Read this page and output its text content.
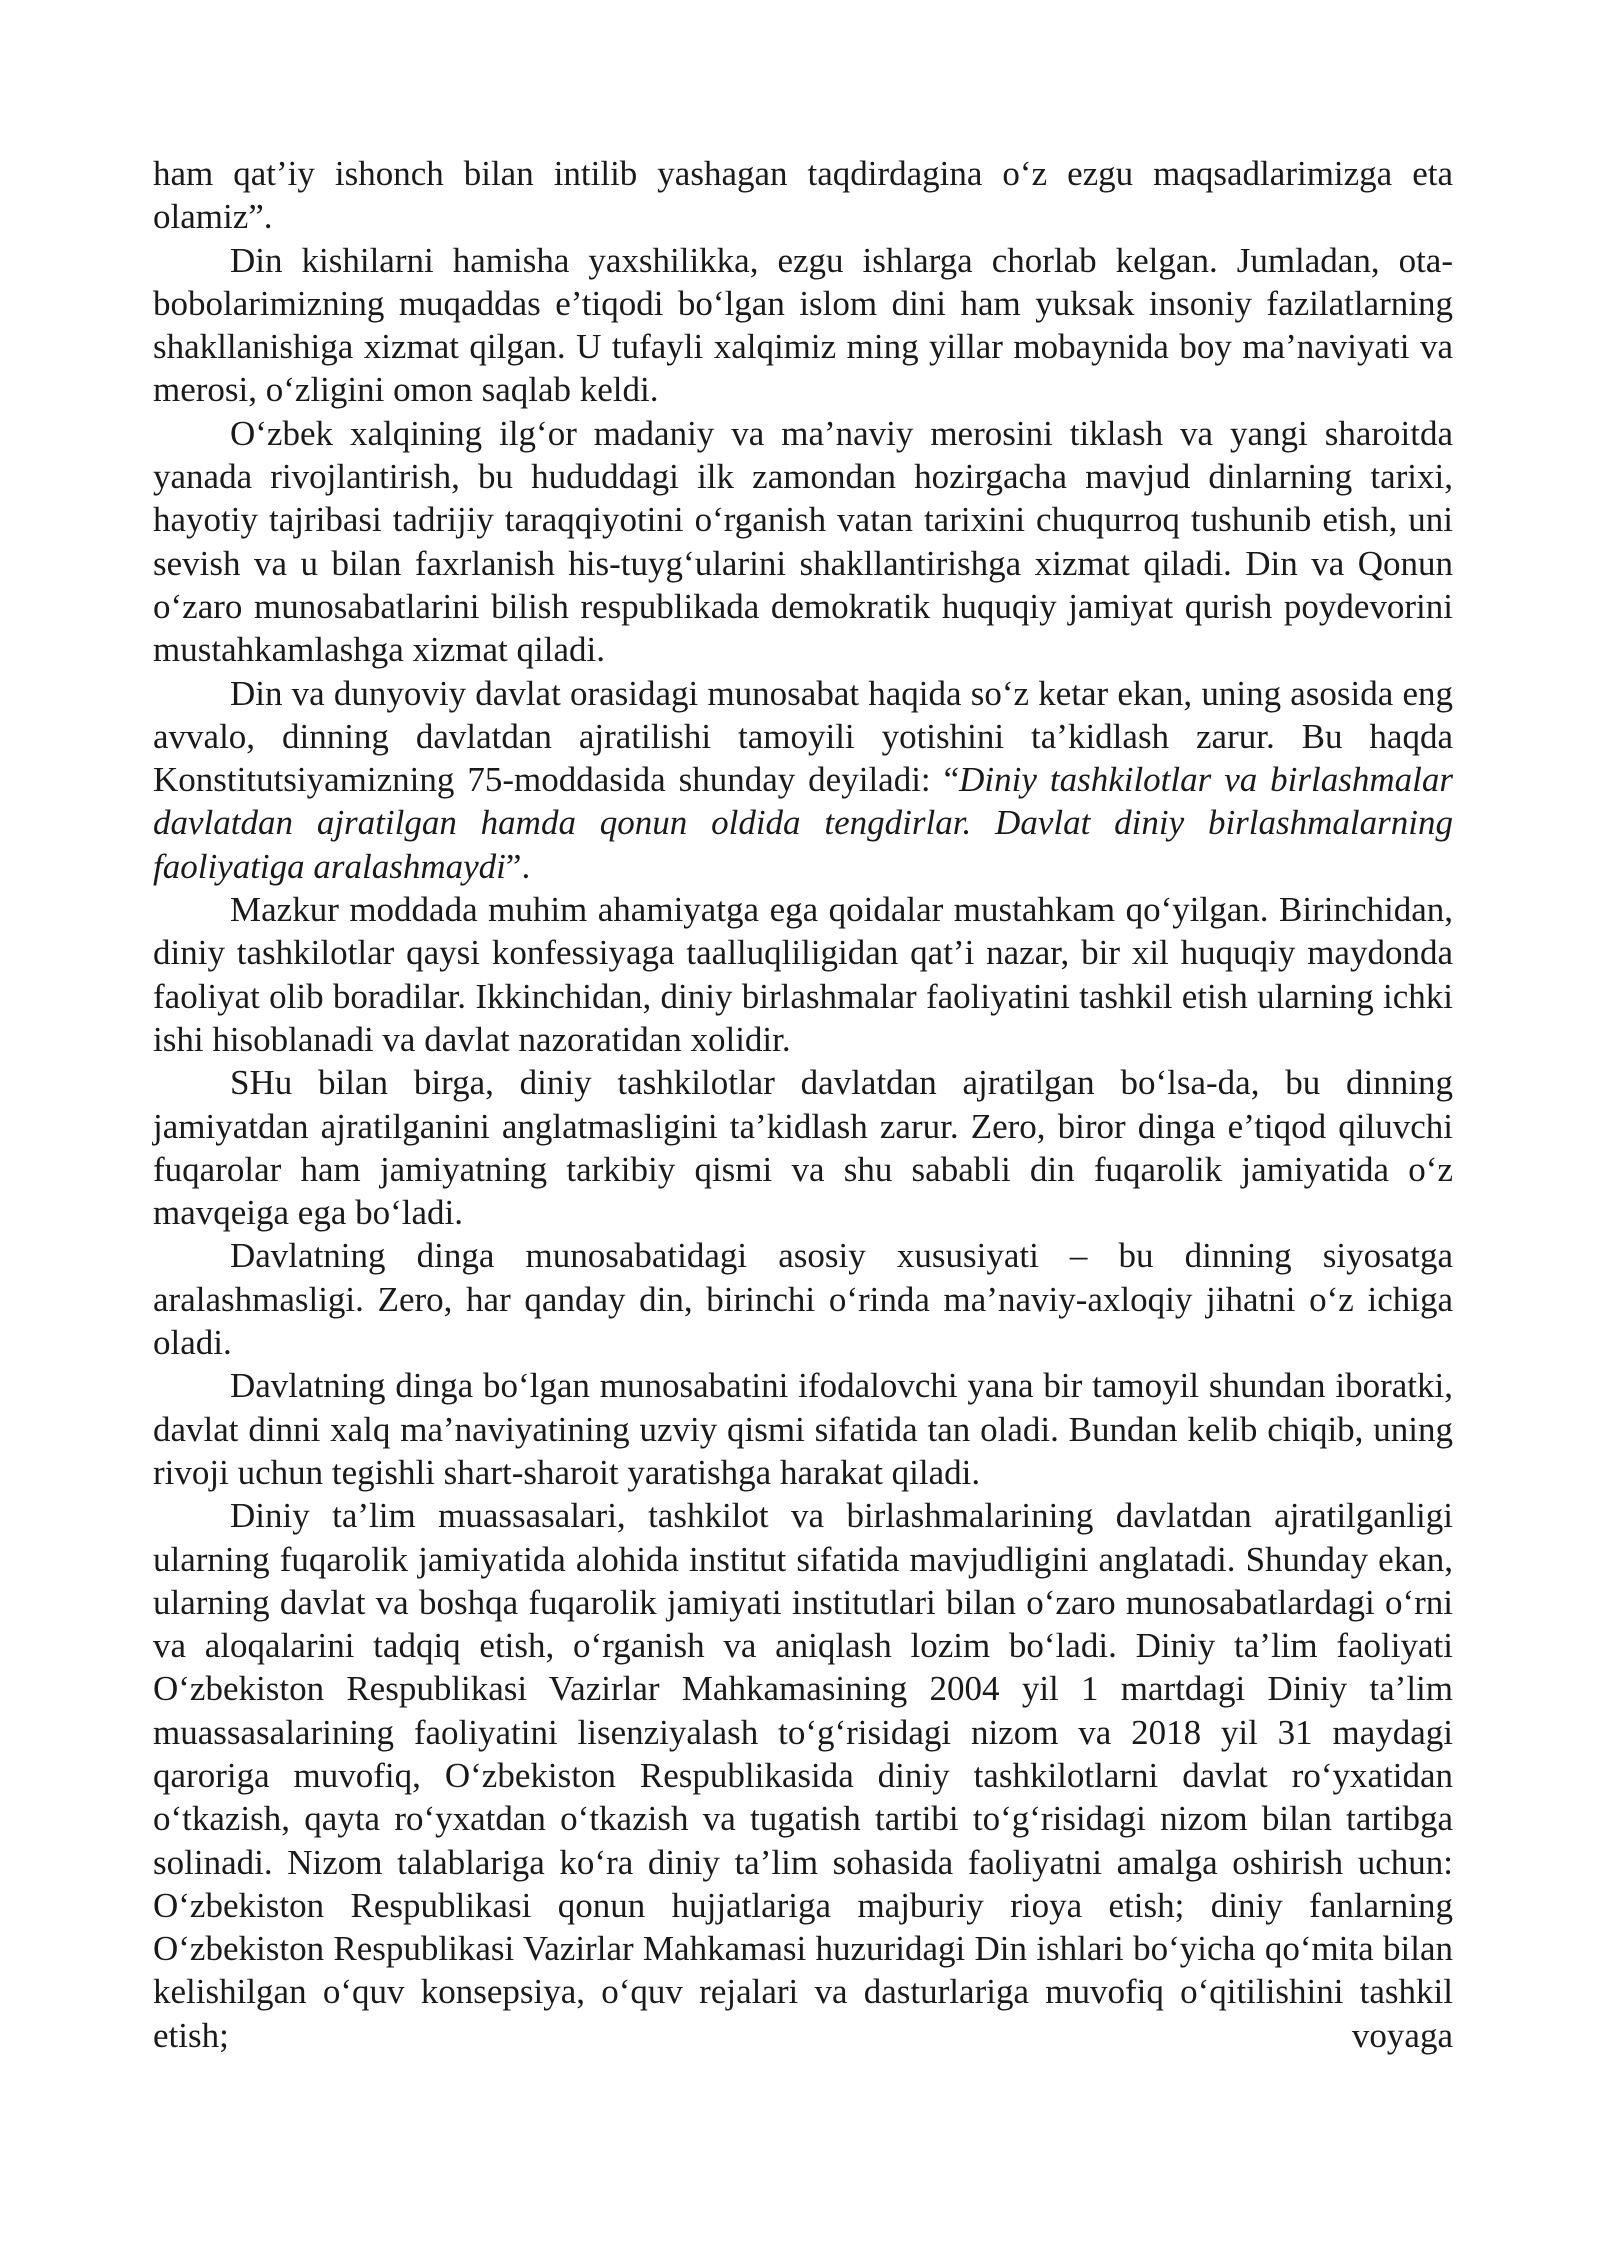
ham qat’iy ishonch bilan intilib yashagan taqdirdagina o‘z ezgu maqsadlarimizga eta olamiz”.

Din kishilarni hamisha yaxshilikka, ezgu ishlarga chorlab kelgan. Jumladan, ota-bobolarimizning muqaddas e’tiqodi bo‘lgan islom dini ham yuksak insoniy fazilatlarning shakllanishiga xizmat qilgan. U tufayli xalqimiz ming yillar mobaynida boy ma’naviyati va merosi, o‘zligini omon saqlab keldi.

O‘zbek xalqining ilg‘or madaniy va ma’naviy merosini tiklash va yangi sharoitda yanada rivojlantirish, bu hududdagi ilk zamondan hozirgacha mavjud dinlarning tarixi, hayotiy tajribasi tadrijiy taraqqiyotini o‘rganish vatan tarixini chuqurroq tushunib etish, uni sevish va u bilan faxrlanish his-tuyg‘ularini shakllantirishga xizmat qiladi. Din va Qonun o‘zaro munosabatlarini bilish respublikada demokratik huquqiy jamiyat qurish poydevorini mustahkamlashga xizmat qiladi.

Din va dunyoviy davlat orasidagi munosabat haqida so‘z ketar ekan, uning asosida eng avvalo, dinning davlatdan ajratilishi tamoyili yotishini ta’kidlash zarur. Bu haqda Konstitutsiyamizning 75-moddasida shunday deyiladi: “Diniy tashkilotlar va birlashmalar davlatdan ajratilgan hamda qonun oldida tengdirlar. Davlat diniy birlashmalarning faoliyatiga aralashmaydi”.

Mazkur moddada muhim ahamiyatga ega qoidalar mustahkam qo‘yilgan. Birinchidan, diniy tashkilotlar qaysi konfessiyaga taalluqliligidan qat’i nazar, bir xil huquqiy maydonda faoliyat olib boradilar. Ikkinchidan, diniy birlashmalar faoliyatini tashkil etish ularning ichki ishi hisoblanadi va davlat nazoratidan xolidir.

SHu bilan birga, diniy tashkilotlar davlatdan ajratilgan bo‘lsa-da, bu dinning jamiyatdan ajratilganini anglatmasligini ta’kidlash zarur. Zero, biror dinga e’tiqod qiluvchi fuqarolar ham jamiyatning tarkibiy qismi va shu sababli din fuqarolik jamiyatida o‘z mavqeiga ega bo‘ladi.

Davlatning dinga munosabatidagi asosiy xususiyati – bu dinning siyosatga aralashmasligi. Zero, har qanday din, birinchi o‘rinda ma’naviy-axloqiy jihatni o‘z ichiga oladi.

Davlatning dinga bo‘lgan munosabatini ifodalovchi yana bir tamoyil shundan iboratki, davlat dinni xalq ma’naviyatining uzviy qismi sifatida tan oladi. Bundan kelib chiqib, uning rivoji uchun tegishli shart-sharoit yaratishga harakat qiladi.

Diniy ta’lim muassasalari, tashkilot va birlashmalarining davlatdan ajratilganligi ularning fuqarolik jamiyatida alohida institut sifatida mavjudligini anglatadi. Shunday ekan, ularning davlat va boshqa fuqarolik jamiyati institutlari bilan o‘zaro munosabatlardagi o‘rni va aloqalarini tadqiq etish, o‘rganish va aniqlash lozim bo‘ladi. Diniy ta’lim faoliyati O‘zbekiston Respublikasi Vazirlar Mahkamasining 2004 yil 1 martdagi Diniy ta’lim muassasalarining faoliyatini lisenziyalash to‘g‘risidagi nizom va 2018 yil 31 maydagi qaroriga muvofiq, O‘zbekiston Respublikasida diniy tashkilotlarni davlat ro‘yxatidan o‘tkazish, qayta ro‘yxatdan o‘tkazish va tugatish tartibi to‘g‘risidagi nizom bilan tartibga solinadi. Nizom talablariga ko‘ra diniy ta’lim sohasida faoliyatni amalga oshirish uchun: O‘zbekiston Respublikasi qonun hujjatlariga majburiy rioya etish; diniy fanlarning O‘zbekiston Respublikasi Vazirlar Mahkamasi huzuridagi Din ishlari bo‘yicha qo‘mita bilan kelishilgan o‘quv konsepsiya, o‘quv rejalari va dasturlariga muvofiq o‘qitilishini tashkil etish; voyaga
